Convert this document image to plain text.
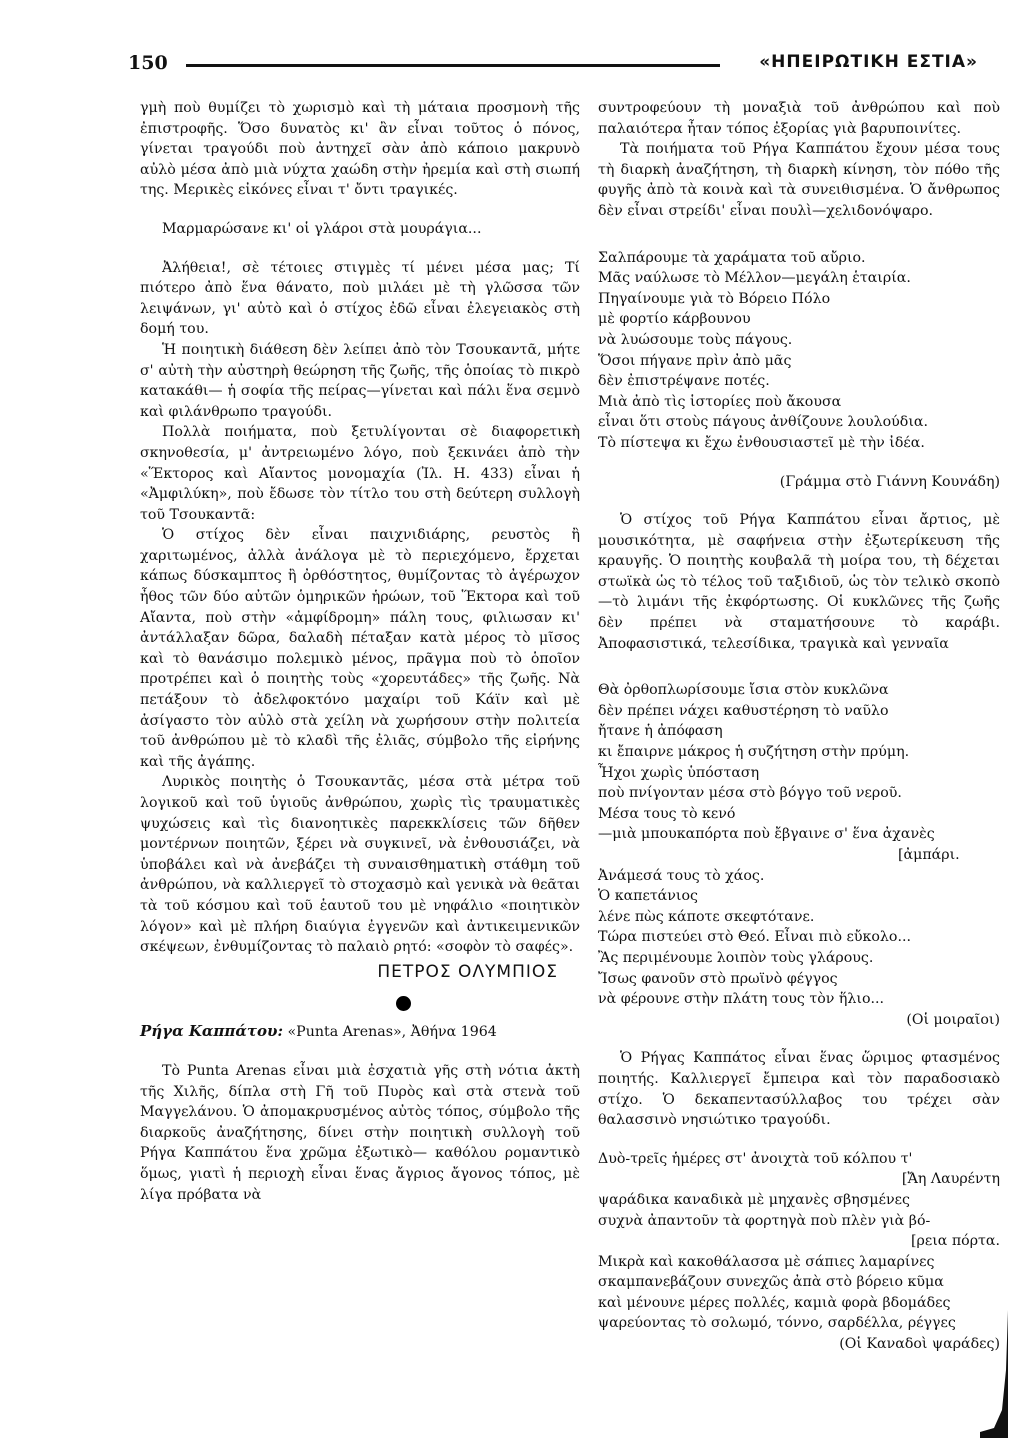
150	«ΗΠΕΙΡΩΤΙΚΗ ΕΣΤΙΑ»

γμὴ ποὺ θυμίζει τὸ χωρισμὸ καὶ τὴ μάταια προσμονὴ τῆς ἐπιστροφῆς. Ὅσο δυνατὸς κι' ἂν εἶναι τοῦτος ὁ πόνος, γίνεται τραγούδι ποὺ ἀντηχεῖ σὰν ἀπὸ κάποιο μακρυνὸ αὐλὸ μέσα ἀπὸ μιὰ νύχτα χαώδη στὴν ἠρεμία καὶ στὴ σιωπή της. Μερικὲς εἰκόνες εἶναι τ' ὄντι τραγικές.

Μαρμαρώσανε κι' οἱ γλάροι στὰ μουράγια...

Ἀλήθεια!, σὲ τέτοιες στιγμὲς τί μένει μέσα μας; Τί πιότερο ἀπὸ ἕνα θάνατο, ποὺ μιλάει μὲ τὴ γλῶσσα τῶν λειψάνων, γι' αὐτὸ καὶ ὁ στίχος ἐδῶ εἶναι ἐλεγειακὸς στὴ δομή του.

Ἡ ποιητικὴ διάθεση δὲν λείπει ἀπὸ τὸν Τσουκαντᾶ, μήτε σ' αὐτὴ τὴν αὐστηρὴ θεώρηση τῆς ζωῆς, τῆς ὁποίας τὸ πικρὸ κατακάθι— ἡ σοφία τῆς πείρας—γίνεται καὶ πάλι ἕνα σεμνὸ καὶ φιλάνθρωπο τραγούδι.

Πολλὰ ποιήματα, ποὺ ξετυλίγονται σὲ διαφορετικὴ σκηνοθεσία, μ' ἀντρειωμένο λόγο, ποὺ ξεκινάει ἀπὸ τὴν «Ἕκτορος καὶ Αἴαντος μονομαχία (Ἰλ. Η. 433) εἶναι ἡ «Ἀμφιλύκη», ποὺ ἔδωσε τὸν τίτλο του στὴ δεύτερη συλλογὴ τοῦ Τσουκαντᾶ:

Ὁ στίχος δὲν εἶναι παιχνιδιάρης, ρευστὸς ἢ χαριτωμένος, ἀλλὰ ἀνάλογα μὲ τὸ περιεχόμενο, ἔρχεται κάπως δύσκαμπτος ἢ ὀρθόστητος, θυμίζοντας τὸ ἀγέρωχον ἦθος τῶν δύο αὐτῶν ὁμηρικῶν ἡρώων, τοῦ Ἕκτορα καὶ τοῦ Αἴαντα, ποὺ στὴν «ἀμφίδρομη» πάλη τους, φιλιωσαν κι' ἀντάλλαξαν δῶρα, δαλαδὴ πέταξαν κατὰ μέρος τὸ μῖσος καὶ τὸ θανάσιμο πολεμικὸ μένος, πρᾶγμα ποὺ τὸ ὁποῖον προτρέπει καὶ ὁ ποιητὴς τοὺς «χορευτάδες» τῆς ζωῆς. Νὰ πετάξουν τὸ ἀδελφοκτόνο μαχαίρι τοῦ Κάϊν καὶ μὲ ἀσίγαστο τὸν αὐλὸ στὰ χείλη νὰ χωρήσουν στὴν πολιτεία τοῦ ἀνθρώπου μὲ τὸ κλαδὶ τῆς ἐλιᾶς, σύμβολο τῆς εἰρήνης καὶ τῆς ἀγάπης.

Λυρικὸς ποιητὴς ὁ Τσουκαντᾶς, μέσα στὰ μέτρα τοῦ λογικοῦ καὶ τοῦ ὑγιοῦς ἀνθρώπου, χωρὶς τὶς τραυματικὲς ψυχώσεις καὶ τὶς διανοητικὲς παρεκκλίσεις τῶν δῆθεν μοντέρνων ποιητῶν, ξέρει νὰ συγκινεῖ, νὰ ἐνθουσιάζει, νὰ ὑποβάλει καὶ νὰ ἀνεβάζει τὴ συναισθηματικὴ στάθμη τοῦ ἀνθρώπου, νὰ καλλιεργεῖ τὸ στοχασμὸ καὶ γενικὰ νὰ θεᾶται τὰ τοῦ κόσμου καὶ τοῦ ἑαυτοῦ του μὲ νηφάλιο «ποιητικὸν λόγον» καὶ μὲ πλήρη διαύγια ἐγγενῶν καὶ ἀντικειμενικῶν σκέψεων, ἐνθυμίζοντας τὸ παλαιὸ ρητό: «σοφὸν τὸ σαφές».

ΠΕΤΡΟΣ ΟΛΥΜΠΙΟΣ

Ρήγα Καππάτου: «Punta Arenas», Ἀθήνα 1964

Τὸ Punta Arenas εἶναι μιὰ ἐσχατιὰ γῆς στὴ νότια ἀκτὴ τῆς Χιλῆς, δίπλα στὴ Γῆ τοῦ Πυρὸς καὶ στὰ στενὰ τοῦ Μαγγελάνου. Ὁ ἀπομακρυσμένος αὐτὸς τόπος, σύμβολο τῆς διαρκοῦς ἀναζήτησης, δίνει στὴν ποιητικὴ συλλογὴ τοῦ Ρήγα Καππάτου ἕνα χρῶμα ἐξωτικὸ— καθόλου ρομαντικὸ ὅμως, γιατὶ ἡ περιοχὴ εἶναι ἕνας ἄγριος ἄγονος τόπος, μὲ λίγα πρόβατα νὰ

συντροφεύουν τὴ μοναξιὰ τοῦ ἀνθρώπου καὶ ποὺ παλαιότερα ἦταν τόπος ἐξορίας γιὰ βαρυποινίτες.

Τὰ ποιήματα τοῦ Ρήγα Καππάτου ἔχουν μέσα τους τὴ διαρκὴ ἀναζήτηση, τὴ διαρκὴ κίνηση, τὸν πόθο τῆς φυγῆς ἀπὸ τὰ κοινὰ καὶ τὰ συνειθισμένα. Ὁ ἄνθρωπος δὲν εἶναι στρείδι' εἶναι πουλὶ—χελιδονόψαρο.

Σαλπάρουμε τὰ χαράματα τοῦ αὔριο.

Μᾶς ναύλωσε τὸ Μέλλον—μεγάλη ἑταιρία.

Πηγαίνουμε γιὰ τὸ Βόρειο Πόλο

μὲ φορτίο κάρβουνου

νὰ λυώσουμε τοὺς πάγους.

Ὅσοι πήγανε πρὶν ἀπὸ μᾶς

δὲν ἐπιστρέψανε ποτές.

Μιὰ ἀπὸ τὶς ἱστορίες ποὺ ἄκουσα

εἶναι ὅτι στοὺς πάγους ἀνθίζουνε λουλούδια.

Τὸ πίστεψα κι ἔχω ἐνθουσιαστεῖ μὲ τὴν ἰδέα.

(Γράμμα στὸ Γιάννη Κουνάδη)

Ὁ στίχος τοῦ Ρήγα Καππάτου εἶναι ἄρτιος, μὲ μουσικότητα, μὲ σαφήνεια στὴν ἐξωτερίκευση τῆς κραυγῆς. Ὁ ποιητὴς κουβαλᾶ τὴ μοίρα του, τὴ δέχεται στωϊκὰ ὡς τὸ τέλος τοῦ ταξιδιοῦ, ὡς τὸν τελικὸ σκοπὸ—τὸ λιμάνι τῆς ἐκφόρτωσης. Οἱ κυκλῶνες τῆς ζωῆς δὲν πρέπει νὰ σταματήσουνε τὸ καράβι. Ἀποφασιστικά, τελεσίδικα, τραγικὰ καὶ γενναῖα

Θὰ ὀρθοπλωρίσουμε ἴσια στὸν κυκλῶνα

δὲν πρέπει νάχει καθυστέρηση τὸ ναῦλο

ἤτανε ἡ ἀπόφαση

κι ἔπαιρνε μάκρος ἡ συζήτηση στὴν πρύμη.

Ἦχοι χωρὶς ὑπόσταση

ποὺ πνίγονταν μέσα στὸ βόγγο τοῦ νεροῦ.

Μέσα τους τὸ κενό

—μιὰ μπουκαπόρτα ποὺ ἔβγαινε σ' ἕνα ἀχανὲς

[ἀμπάρι.

Ἀνάμεσά τους τὸ χάος.

Ὁ καπετάνιος

λένε πὼς κάποτε σκεφτότανε.

Τώρα πιστεύει στὸ Θεό. Εἶναι πιὸ εὔκολο...

Ἂς περιμένουμε λοιπὸν τοὺς γλάρους.

Ἴσως φανοῦν στὸ πρωϊνὸ φέγγος

νὰ φέρουνε στὴν πλάτη τους τὸν ἥλιο...

(Οἱ μοιραῖοι)

Ὁ Ρήγας Καππάτος εἶναι ἕνας ὥριμος φτασμένος ποιητής. Καλλιεργεῖ ἔμπειρα καὶ τὸν παραδοσιακὸ στίχο. Ὁ δεκαπεντασύλλαβος του τρέχει σὰν θαλασσινὸ νησιώτικο τραγούδι.

Δυὸ-τρεῖς ἡμέρες στ' ἀνοιχτὰ τοῦ κόλπου τ'

[Ἄη Λαυρέντη

ψαράδικα καναδικὰ μὲ μηχανὲς σβησμένες

συχνὰ ἀπαντοῦν τὰ φορτηγὰ ποὺ πλὲν γιὰ βό-

[ρεια πόρτα.

Μικρὰ καὶ κακοθάλασσα μὲ σάπιες λαμαρίνες

σκαμπανεβάζουν συνεχῶς ἀπὰ στὸ βόρειο κῦμα

καὶ μένουνε μέρες πολλές, καμιὰ φορὰ βδομάδες

ψαρεύοντας τὸ σολωμό, τόννο, σαρδέλλα, ρέγγες

(Οἱ Καναδοὶ ψαράδες)
